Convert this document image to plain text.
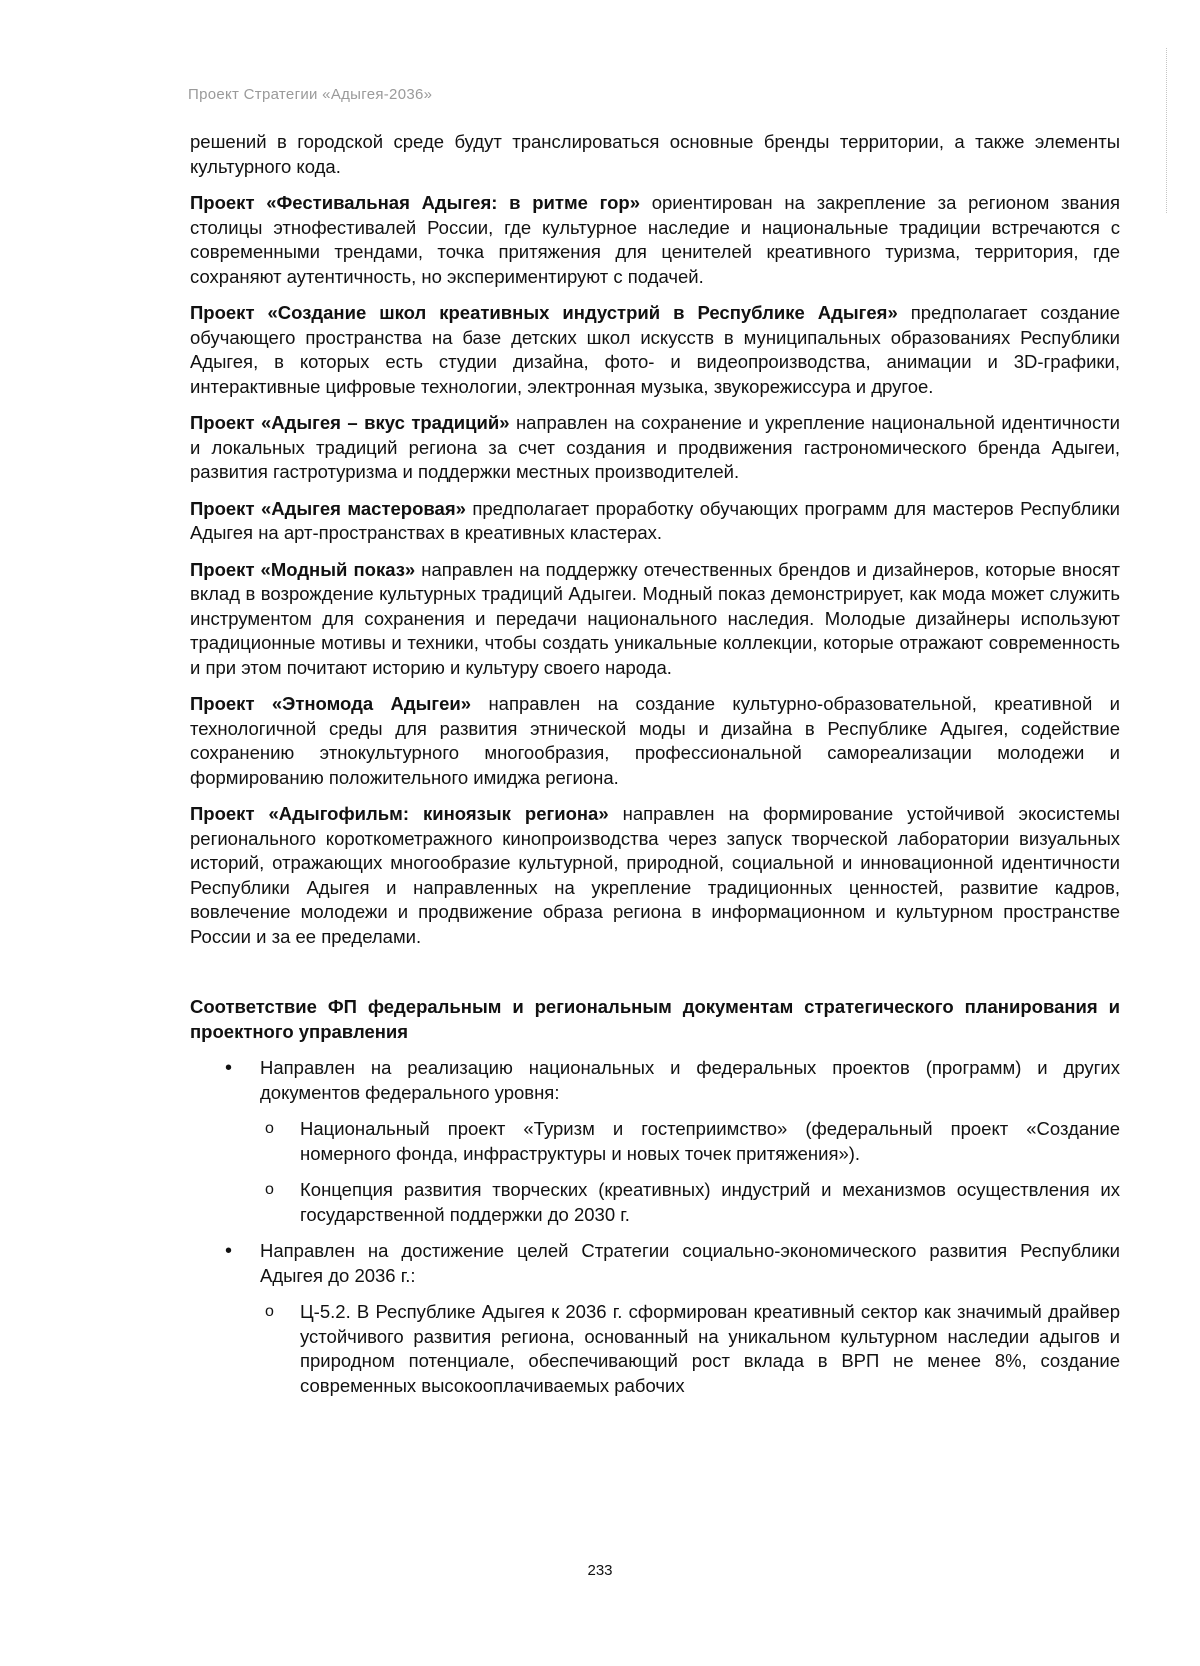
Проект Стратегии «Адыгея-2036»

решений в городской среде будут транслироваться основные бренды территории, а также элементы культурного кода.

Проект «Фестивальная Адыгея: в ритме гор» ориентирован на закрепление за регионом звания столицы этнофестивалей России, где культурное наследие и национальные традиции встречаются с современными трендами, точка притяжения для ценителей креативного туризма, территория, где сохраняют аутентичность, но экспериментируют с подачей.

Проект «Создание школ креативных индустрий в Республике Адыгея» предполагает создание обучающего пространства на базе детских школ искусств в муниципальных образованиях Республики Адыгея, в которых есть студии дизайна, фото- и видеопроизводства, анимации и 3D-графики, интерактивные цифровые технологии, электронная музыка, звукорежиссура и другое.

Проект «Адыгея – вкус традиций» направлен на сохранение и укрепление национальной идентичности и локальных традиций региона за счет создания и продвижения гастрономического бренда Адыгеи, развития гастротуризма и поддержки местных производителей.

Проект «Адыгея мастеровая» предполагает проработку обучающих программ для мастеров Республики Адыгея на арт-пространствах в креативных кластерах.

Проект «Модный показ» направлен на поддержку отечественных брендов и дизайнеров, которые вносят вклад в возрождение культурных традиций Адыгеи. Модный показ демонстрирует, как мода может служить инструментом для сохранения и передачи национального наследия. Молодые дизайнеры используют традиционные мотивы и техники, чтобы создать уникальные коллекции, которые отражают современность и при этом почитают историю и культуру своего народа.

Проект «Этномода Адыгеи» направлен на создание культурно-образовательной, креативной и технологичной среды для развития этнической моды и дизайна в Республике Адыгея, содействие сохранению этнокультурного многообразия, профессиональной самореализации молодежи и формированию положительного имиджа региона.

Проект «Адыгофильм: киноязык региона» направлен на формирование устойчивой экосистемы регионального короткометражного кинопроизводства через запуск творческой лаборатории визуальных историй, отражающих многообразие культурной, природной, социальной и инновационной идентичности Республики Адыгея и направленных на укрепление традиционных ценностей, развитие кадров, вовлечение молодежи и продвижение образа региона в информационном и культурном пространстве России и за ее пределами.

Соответствие ФП федеральным и региональным документам стратегического планирования и проектного управления
• Направлен на реализацию национальных и федеральных проектов (программ) и других документов федерального уровня:
o Национальный проект «Туризм и гостеприимство» (федеральный проект «Создание номерного фонда, инфраструктуры и новых точек притяжения»).
o Концепция развития творческих (креативных) индустрий и механизмов осуществления их государственной поддержки до 2030 г.
• Направлен на достижение целей Стратегии социально-экономического развития Республики Адыгея до 2036 г.:
o Ц-5.2. В Республике Адыгея к 2036 г. сформирован креативный сектор как значимый драйвер устойчивого развития региона, основанный на уникальном культурном наследии адыгов и природном потенциале, обеспечивающий рост вклада в ВРП не менее 8%, создание современных высокооплачиваемых рабочих
233
